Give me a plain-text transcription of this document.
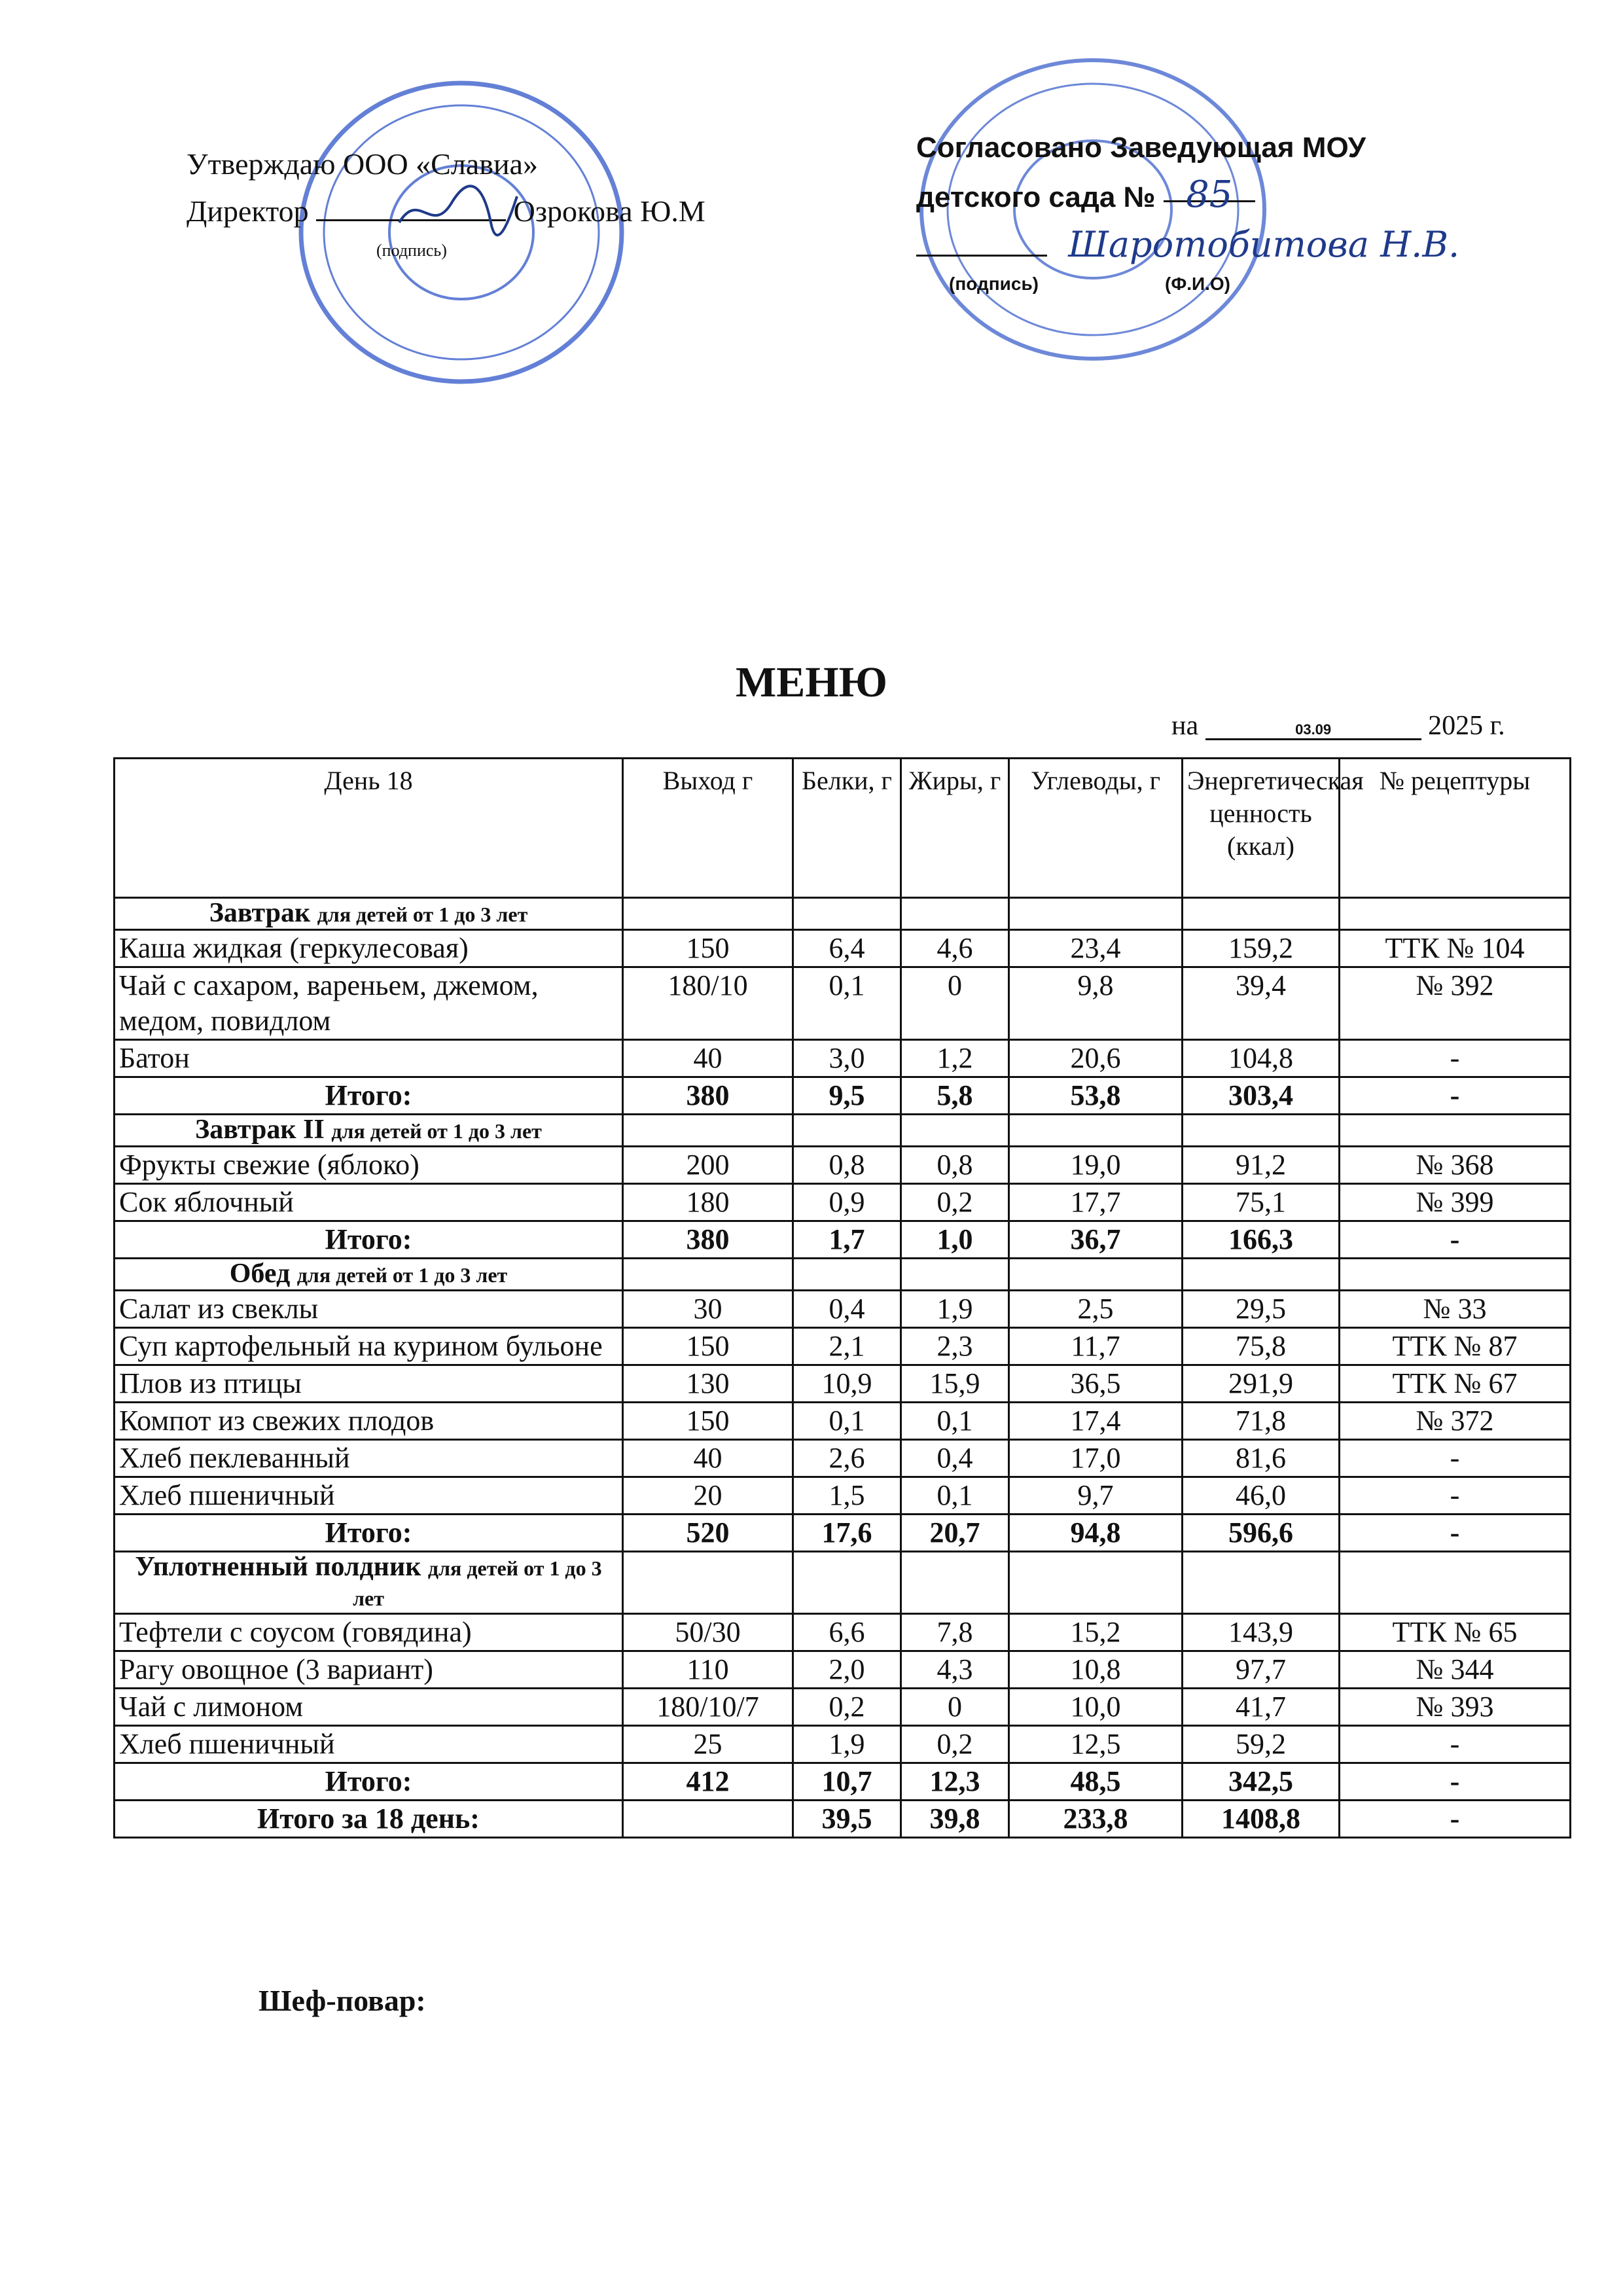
Утверждаю ООО «Славиа»
Директор	Озрокова Ю.М
(подпись)
Согласовано Заведующая МОУ
детского сада № 85
Шаротобитова Н.В.
(подпись)	(Ф.И.О)
МЕНЮ
на	03.09	2025 г.
День 18	Выход г	Белки, г	Жиры, г	Углеводы, г	Энергетическая ценность (ккал)	№ рецептуры
Завтрак для детей от 1 до 3 лет						
Каша жидкая (геркулесовая)	150	6,4	4,6	23,4	159,2	ТТК № 104
Чай с сахаром, вареньем, джемом, медом, повидлом	180/10	0,1	0	9,8	39,4	№ 392
Батон	40	3,0	1,2	20,6	104,8	-
Итого:	380	9,5	5,8	53,8	303,4	-
Завтрак II для детей от 1 до 3 лет						
Фрукты свежие (яблоко)	200	0,8	0,8	19,0	91,2	№ 368
Сок яблочный	180	0,9	0,2	17,7	75,1	№ 399
Итого:	380	1,7	1,0	36,7	166,3	-
Обед для детей от 1 до 3 лет						
Салат из свеклы	30	0,4	1,9	2,5	29,5	№ 33
Суп картофельный на курином бульоне	150	2,1	2,3	11,7	75,8	ТТК № 87
Плов из птицы	130	10,9	15,9	36,5	291,9	ТТК № 67
Компот из свежих плодов	150	0,1	0,1	17,4	71,8	№ 372
Хлеб пеклеванный	40	2,6	0,4	17,0	81,6	-
Хлеб пшеничный	20	1,5	0,1	9,7	46,0	-
Итого:	520	17,6	20,7	94,8	596,6	-
Уплотненный полдник для детей от 1 до 3 лет						
Тефтели с соусом (говядина)	50/30	6,6	7,8	15,2	143,9	ТТК № 65
Рагу овощное (3 вариант)	110	2,0	4,3	10,8	97,7	№ 344
Чай с лимоном	180/10/7	0,2	0	10,0	41,7	№ 393
Хлеб пшеничный	25	1,9	0,2	12,5	59,2	-
Итого:	412	10,7	12,3	48,5	342,5	-
Итого за 18 день:		39,5	39,8	233,8	1408,8	-
Шеф-повар:
